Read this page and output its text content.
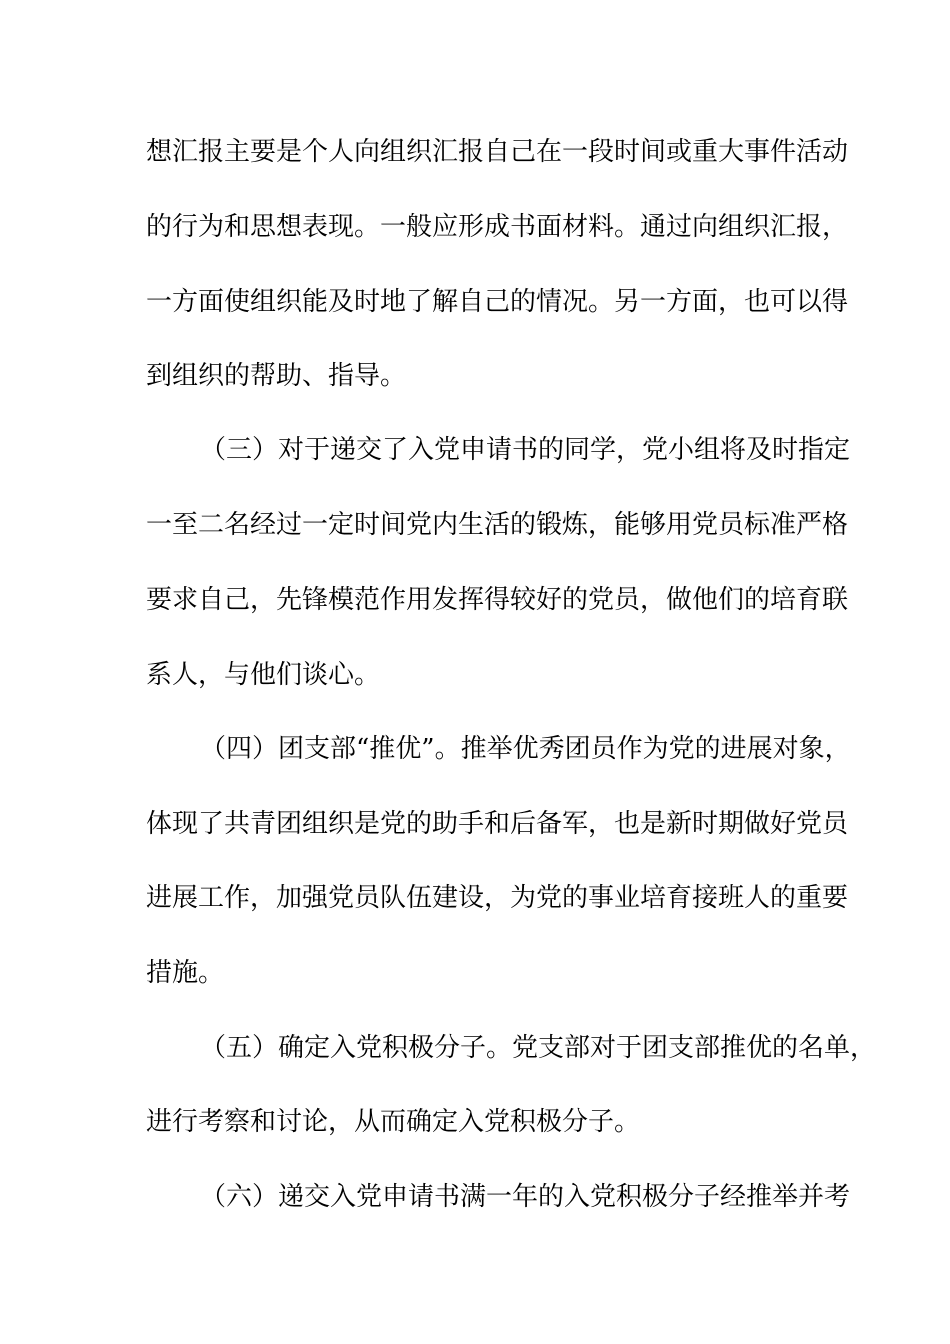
想汇报主要是个人向组织汇报自己在一段时间或重大事件活动
的行为和思想表现。一般应形成书面材料。通过向组织汇报，
一方面使组织能及时地了解自己的情况。另一方面，也可以得
到组织的帮助、指导。
（三）对于递交了入党申请书的同学，党小组将及时指定
一至二名经过一定时间党内生活的锻炼，能够用党员标准严格
要求自己，先锋模范作用发挥得较好的党员，做他们的培育联
系人，与他们谈心。
（四）团支部“推优”。推举优秀团员作为党的进展对象，
体现了共青团组织是党的助手和后备军，也是新时期做好党员
进展工作，加强党员队伍建设，为党的事业培育接班人的重要
措施。
（五）确定入党积极分子。党支部对于团支部推优的名单，
进行考察和讨论，从而确定入党积极分子。
（六）递交入党申请书满一年的入党积极分子经推举并考
